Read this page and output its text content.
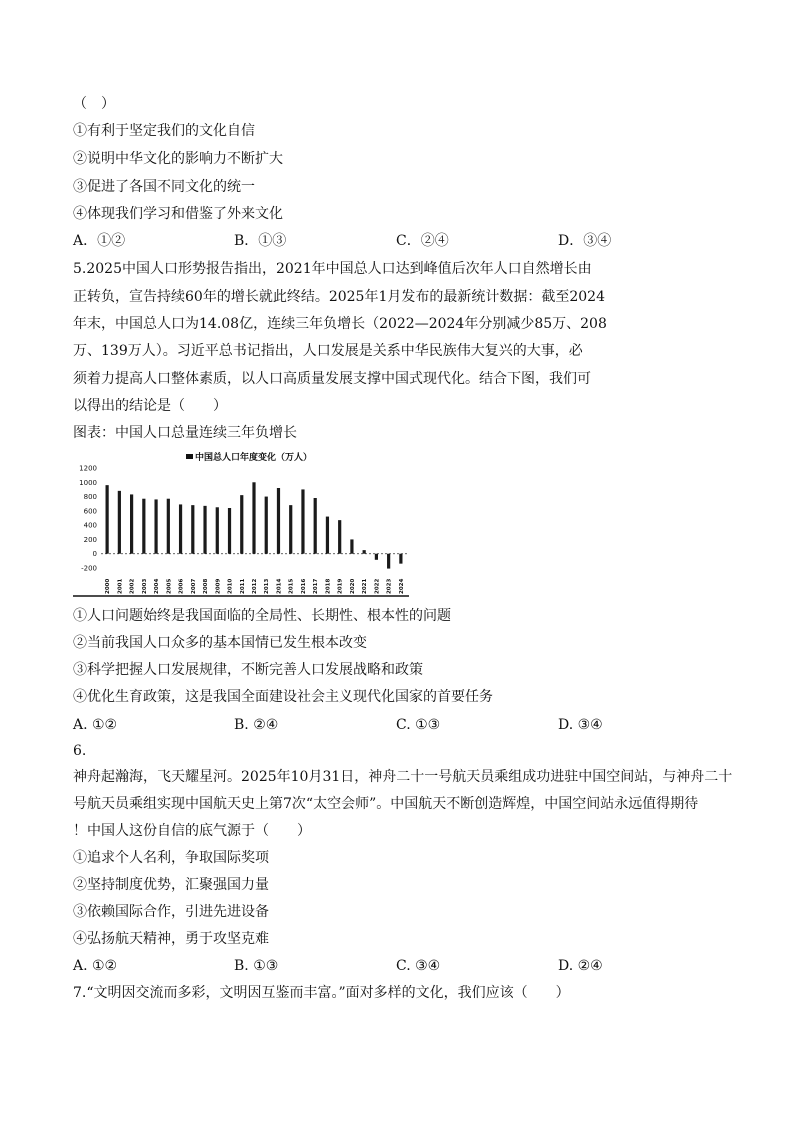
（　）
①有利于坚定我们的文化自信
②说明中华文化的影响力不断扩大
③促进了各国不同文化的统一
④体现我们学习和借鉴了外来文化
A．①②	B．①③	C．②④	D．③④
5.2025中国人口形势报告指出，2021年中国总人口达到峰值后次年人口自然增长由
正转负，宣告持续60年的增长就此终结。2025年1月发布的最新统计数据：截至2024
年末，中国总人口为14.08亿，连续三年负增长（2022—2024年分别减少85万、208
万、139万人）。习近平总书记指出，人口发展是关系中华民族伟大复兴的大事，必
须着力提高人口整体素质，以人口高质量发展支撑中国式现代化。结合下图，我们可
以得出的结论是（　　）
图表：中国人口总量连续三年负增长
中国总人口年度变化（万人）
-200
0
200
400
600
800
1000
1200
2000 2001 2002 2003 2004 2005 2006 2007 2008 2009 2010 2011 2012 2013 2014 2015 2016 2017 2018 2019 2020 2021 2022 2023 2024
①人口问题始终是我国面临的全局性、长期性、根本性的问题
②当前我国人口众多的基本国情已发生根本改变
③科学把握人口发展规律，不断完善人口发展战略和政策
④优化生育政策，这是我国全面建设社会主义现代化国家的首要任务
A. ①②	B. ②④	C. ①③	D. ③④
6.
神舟起瀚海，飞天耀星河。2025年10月31日，神舟二十一号航天员乘组成功进驻中国空间站，与神舟二十
号航天员乘组实现中国航天史上第7次“太空会师”。中国航天不断创造辉煌，中国空间站永远值得期待
！中国人这份自信的底气源于（　　）
①追求个人名利，争取国际奖项
②坚持制度优势，汇聚强国力量
③依赖国际合作，引进先进设备
④弘扬航天精神，勇于攻坚克难
A. ①②	B. ①③	C. ③④	D. ②④
7.“文明因交流而多彩，文明因互鉴而丰富。”面对多样的文化，我们应该（　　）
